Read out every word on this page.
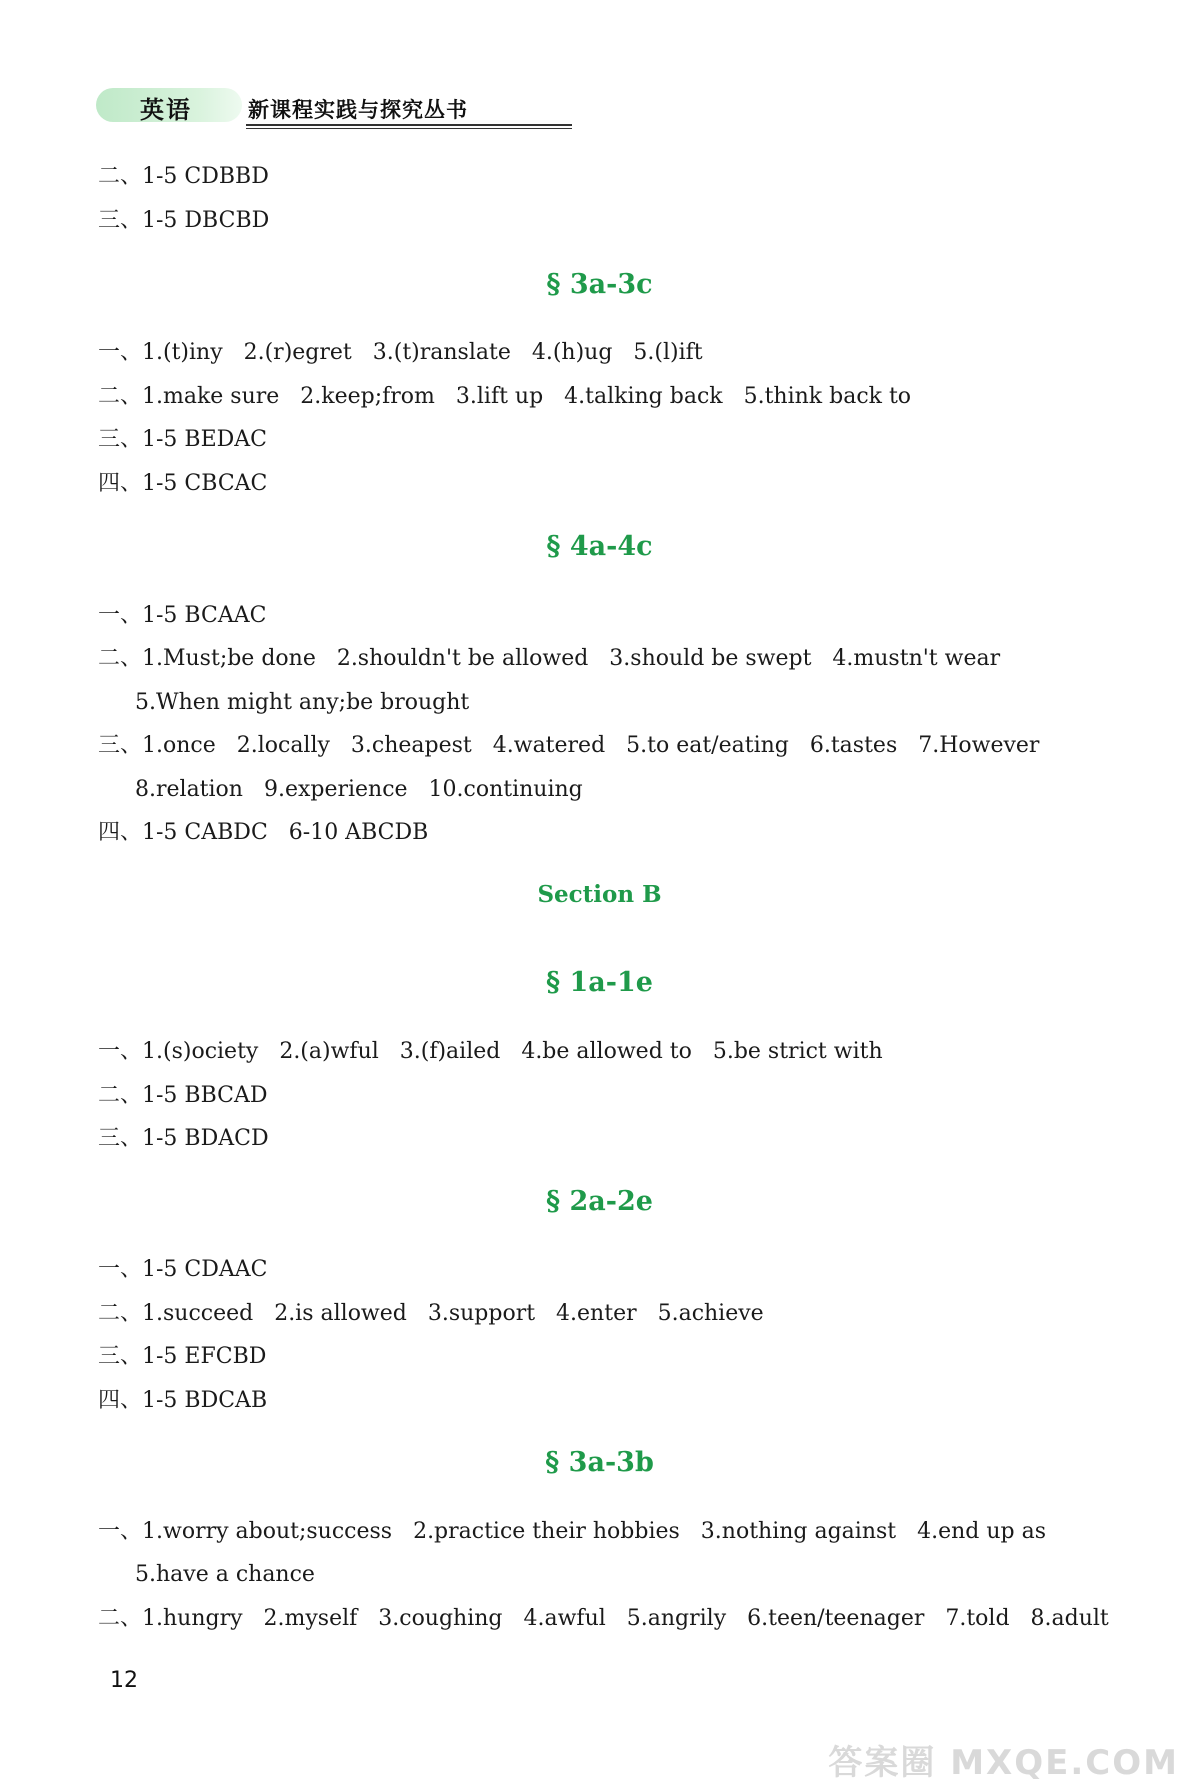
英语	新课程实践与探究丛书
二、1-5 CDBBD
三、1-5 DBCBD
§ 3a-3c
一、1.(t)iny   2.(r)egret   3.(t)ranslate   4.(h)ug   5.(l)ift
二、1.make sure   2.keep;from   3.lift up   4.talking back   5.think back to
三、1-5 BEDAC
四、1-5 CBCAC
§ 4a-4c
一、1-5 BCAAC
二、1.Must;be done   2.shouldn't be allowed   3.should be swept   4.mustn't wear
5.When might any;be brought
三、1.once   2.locally   3.cheapest   4.watered   5.to eat/eating   6.tastes   7.However
8.relation   9.experience   10.continuing
四、1-5 CABDC   6-10 ABCDB
Section B
§ 1a-1e
一、1.(s)ociety   2.(a)wful   3.(f)ailed   4.be allowed to   5.be strict with
二、1-5 BBCAD
三、1-5 BDACD
§ 2a-2e
一、1-5 CDAAC
二、1.succeed   2.is allowed   3.support   4.enter   5.achieve
三、1-5 EFCBD
四、1-5 BDCAB
§ 3a-3b
一、1.worry about;success   2.practice their hobbies   3.nothing against   4.end up as
5.have a chance
二、1.hungry   2.myself   3.coughing   4.awful   5.angrily   6.teen/teenager   7.told   8.adult
12
答案圈 MXQE.COM
